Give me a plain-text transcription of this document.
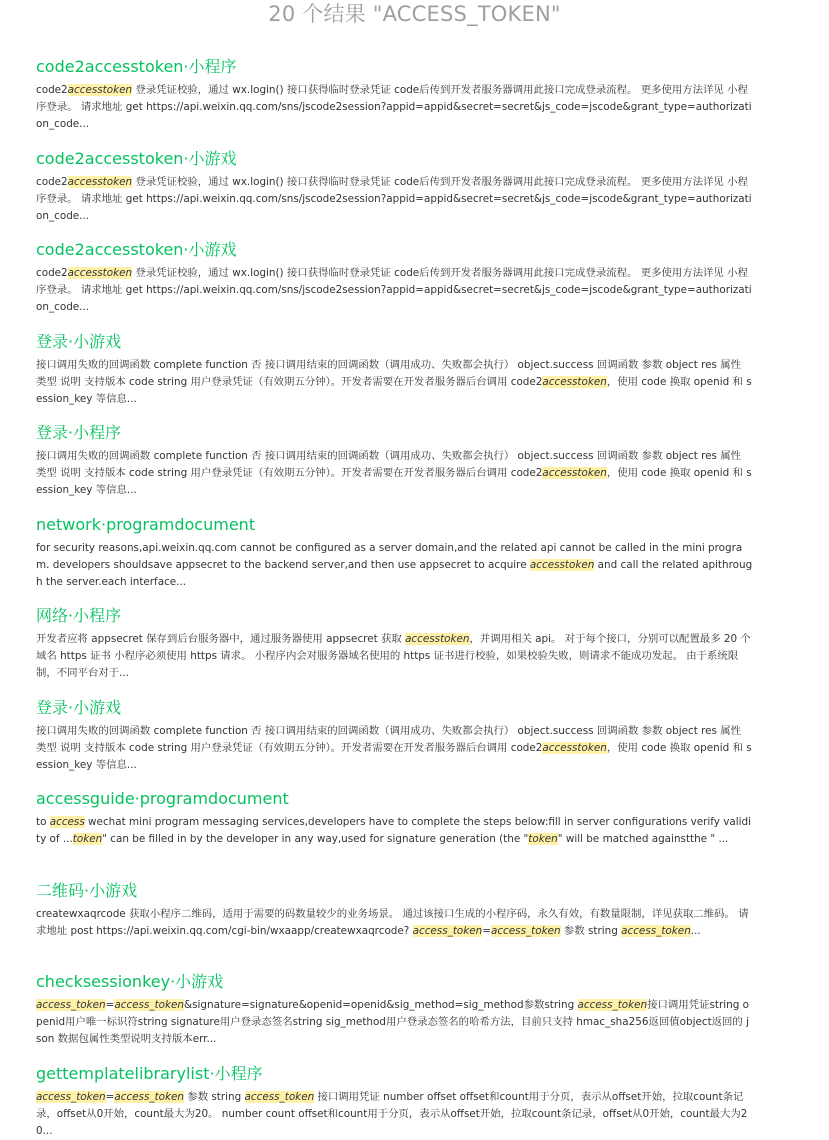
20 个结果 "ACCESS_TOKEN"
code2accesstoken·小程序
code2accesstoken 登录凭证校验，通过 wx.login() 接口获得临时登录凭证 code后传到开发者服务器调用此接口完成登录流程。 更多使用方法详见 小程序登录。 请求地址 get https://api.weixin.qq.com/sns/jscode2session?appid=appid&secret=secret&js_code=jscode&grant_type=authorization_code...
code2accesstoken·小游戏
code2accesstoken 登录凭证校验，通过 wx.login() 接口获得临时登录凭证 code后传到开发者服务器调用此接口完成登录流程。 更多使用方法详见 小程序登录。 请求地址 get https://api.weixin.qq.com/sns/jscode2session?appid=appid&secret=secret&js_code=jscode&grant_type=authorization_code...
code2accesstoken·小游戏
code2accesstoken 登录凭证校验，通过 wx.login() 接口获得临时登录凭证 code后传到开发者服务器调用此接口完成登录流程。 更多使用方法详见 小程序登录。 请求地址 get https://api.weixin.qq.com/sns/jscode2session?appid=appid&secret=secret&js_code=jscode&grant_type=authorization_code...
登录·小游戏
接口调用失败的回调函数 complete function 否 接口调用结束的回调函数（调用成功、失败都会执行） object.success 回调函数 参数 object res 属性 类型 说明 支持版本 code string 用户登录凭证（有效期五分钟）。开发者需要在开发者服务器后台调用 code2accesstoken，使用 code 换取 openid 和 session_key 等信息...
登录·小程序
接口调用失败的回调函数 complete function 否 接口调用结束的回调函数（调用成功、失败都会执行） object.success 回调函数 参数 object res 属性 类型 说明 支持版本 code string 用户登录凭证（有效期五分钟）。开发者需要在开发者服务器后台调用 code2accesstoken，使用 code 换取 openid 和 session_key 等信息...
network·programdocument
for security reasons,api.weixin.qq.com cannot be configured as a server domain,and the related api cannot be called in the mini program. developers shouldsave appsecret to the backend server,and then use appsecret to acquire accesstoken and call the related apithrough the server.each interface...
网络·小程序
开发者应将 appsecret 保存到后台服务器中，通过服务器使用 appsecret 获取 accesstoken，并调用相关 api。 对于每个接口，分别可以配置最多 20 个域名 https 证书 小程序必须使用 https 请求。 小程序内会对服务器域名使用的 https 证书进行校验，如果校验失败，则请求不能成功发起。 由于系统限制，不同平台对于...
登录·小游戏
接口调用失败的回调函数 complete function 否 接口调用结束的回调函数（调用成功、失败都会执行） object.success 回调函数 参数 object res 属性 类型 说明 支持版本 code string 用户登录凭证（有效期五分钟）。开发者需要在开发者服务器后台调用 code2accesstoken，使用 code 换取 openid 和 session_key 等信息...
accessguide·programdocument
to access wechat mini program messaging services,developers have to complete the steps below:fill in server configurations verify validity of ...token" can be filled in by the developer in any way,used for signature generation (the "token" will be matched againstthe " ...
二维码·小游戏
createwxaqrcode 获取小程序二维码，适用于需要的码数量较少的业务场景。 通过该接口生成的小程序码，永久有效，有数量限制，详见获取二维码。 请求地址 post https://api.weixin.qq.com/cgi-bin/wxaapp/createwxaqrcode? access_token=access_token 参数 string access_token...
checksessionkey·小游戏
access_token=access_token&signature=signature&openid=openid&sig_method=sig_method参数string access_token接口调用凭证string openid用户唯一标识符string signature用户登录态签名string sig_method用户登录态签名的哈希方法，目前只支持 hmac_sha256返回值object返回的 json 数据包属性类型说明支持版本err...
gettemplatelibrarylist·小程序
access_token=access_token 参数 string access_token 接口调用凭证 number offset offset和count用于分页，表示从offset开始，拉取count条记录，offset从0开始，count最大为20。 number count offset和count用于分页，表示从offset开始，拉取count条记录，offset从0开始，count最大为20...
